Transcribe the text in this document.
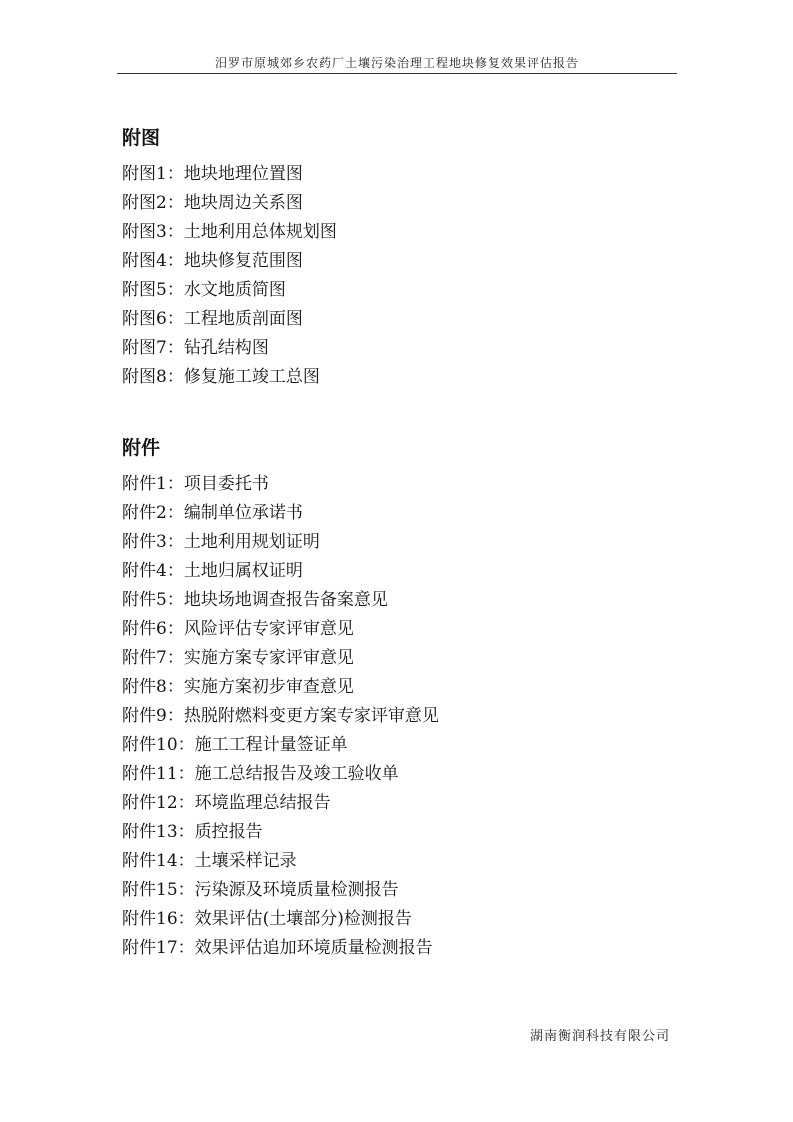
汨罗市原城郊乡农药厂土壤污染治理工程地块修复效果评估报告
附图
附图1：地块地理位置图
附图2：地块周边关系图
附图3：土地利用总体规划图
附图4：地块修复范围图
附图5：水文地质简图
附图6：工程地质剖面图
附图7：钻孔结构图
附图8：修复施工竣工总图
附件
附件1：项目委托书
附件2：编制单位承诺书
附件3：土地利用规划证明
附件4：土地归属权证明
附件5：地块场地调查报告备案意见
附件6：风险评估专家评审意见
附件7：实施方案专家评审意见
附件8：实施方案初步审查意见
附件9：热脱附燃料变更方案专家评审意见
附件10：施工工程计量签证单
附件11：施工总结报告及竣工验收单
附件12：环境监理总结报告
附件13：质控报告
附件14：土壤采样记录
附件15：污染源及环境质量检测报告
附件16：效果评估(土壤部分)检测报告
附件17：效果评估追加环境质量检测报告
湖南衡润科技有限公司
